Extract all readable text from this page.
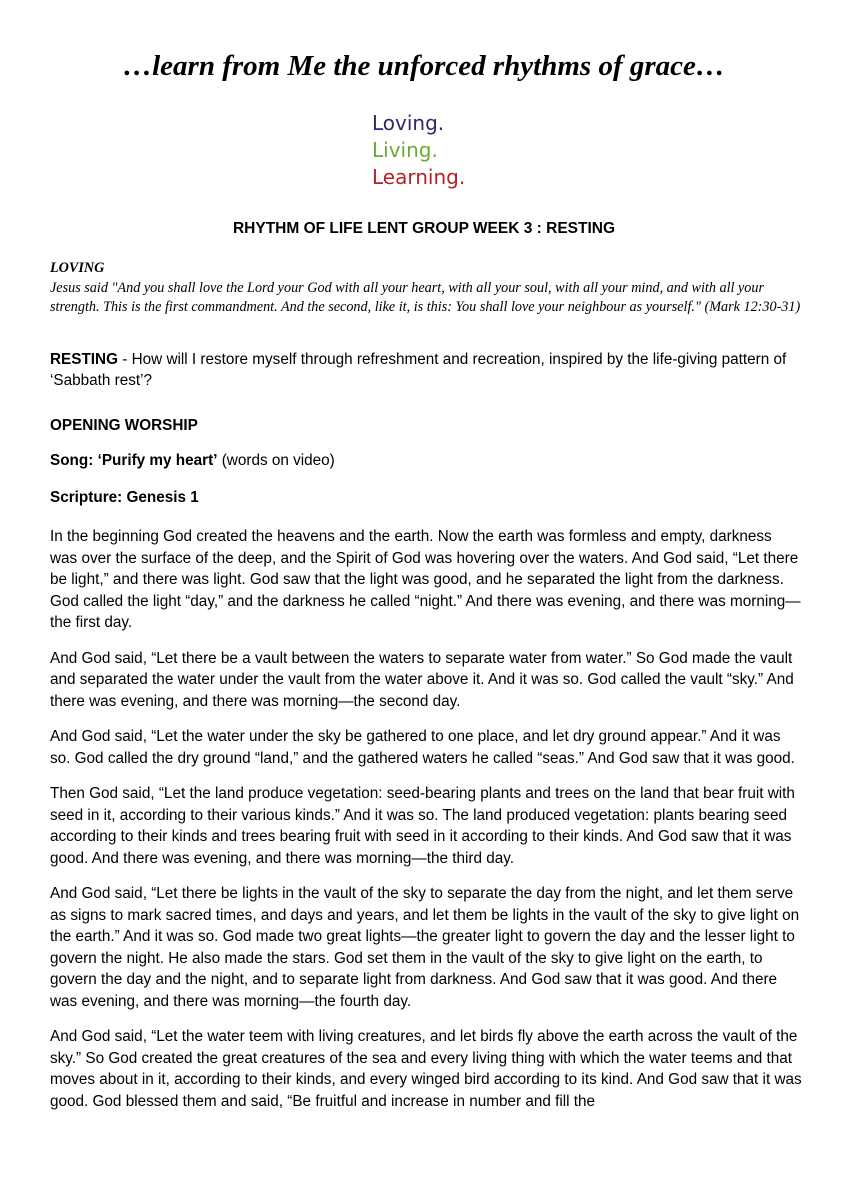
…learn from Me the unforced rhythms of grace…
Loving.
Living.
Learning.
RHYTHM OF LIFE LENT GROUP WEEK 3 : RESTING
LOVING
Jesus said "And you shall love the Lord your God with all your heart, with all your soul, with all your mind, and with all your strength. This is the first commandment. And the second, like it, is this: You shall love your neighbour as yourself." (Mark 12:30-31)
RESTING - How will I restore myself through refreshment and recreation, inspired by the life-giving pattern of ‘Sabbath rest’?
OPENING WORSHIP
Song: ‘Purify my heart’ (words on video)
Scripture: Genesis 1

In the beginning God created the heavens and the earth. Now the earth was formless and empty, darkness was over the surface of the deep, and the Spirit of God was hovering over the waters. And God said, “Let there be light,” and there was light. God saw that the light was good, and he separated the light from the darkness. God called the light “day,” and the darkness he called “night.” And there was evening, and there was morning—the first day.

And God said, “Let there be a vault between the waters to separate water from water.” So God made the vault and separated the water under the vault from the water above it. And it was so. God called the vault “sky.” And there was evening, and there was morning—the second day.

And God said, “Let the water under the sky be gathered to one place, and let dry ground appear.” And it was so. God called the dry ground “land,” and the gathered waters he called “seas.” And God saw that it was good.

Then God said, “Let the land produce vegetation: seed-bearing plants and trees on the land that bear fruit with seed in it, according to their various kinds.” And it was so. The land produced vegetation: plants bearing seed according to their kinds and trees bearing fruit with seed in it according to their kinds. And God saw that it was good. And there was evening, and there was morning—the third day.

And God said, “Let there be lights in the vault of the sky to separate the day from the night, and let them serve as signs to mark sacred times, and days and years, and let them be lights in the vault of the sky to give light on the earth.” And it was so. God made two great lights—the greater light to govern the day and the lesser light to govern the night. He also made the stars. God set them in the vault of the sky to give light on the earth, to govern the day and the night, and to separate light from darkness. And God saw that it was good. And there was evening, and there was morning—the fourth day.

And God said, “Let the water teem with living creatures, and let birds fly above the earth across the vault of the sky.” So God created the great creatures of the sea and every living thing with which the water teems and that moves about in it, according to their kinds, and every winged bird according to its kind. And God saw that it was good. God blessed them and said, “Be fruitful and increase in number and fill the
